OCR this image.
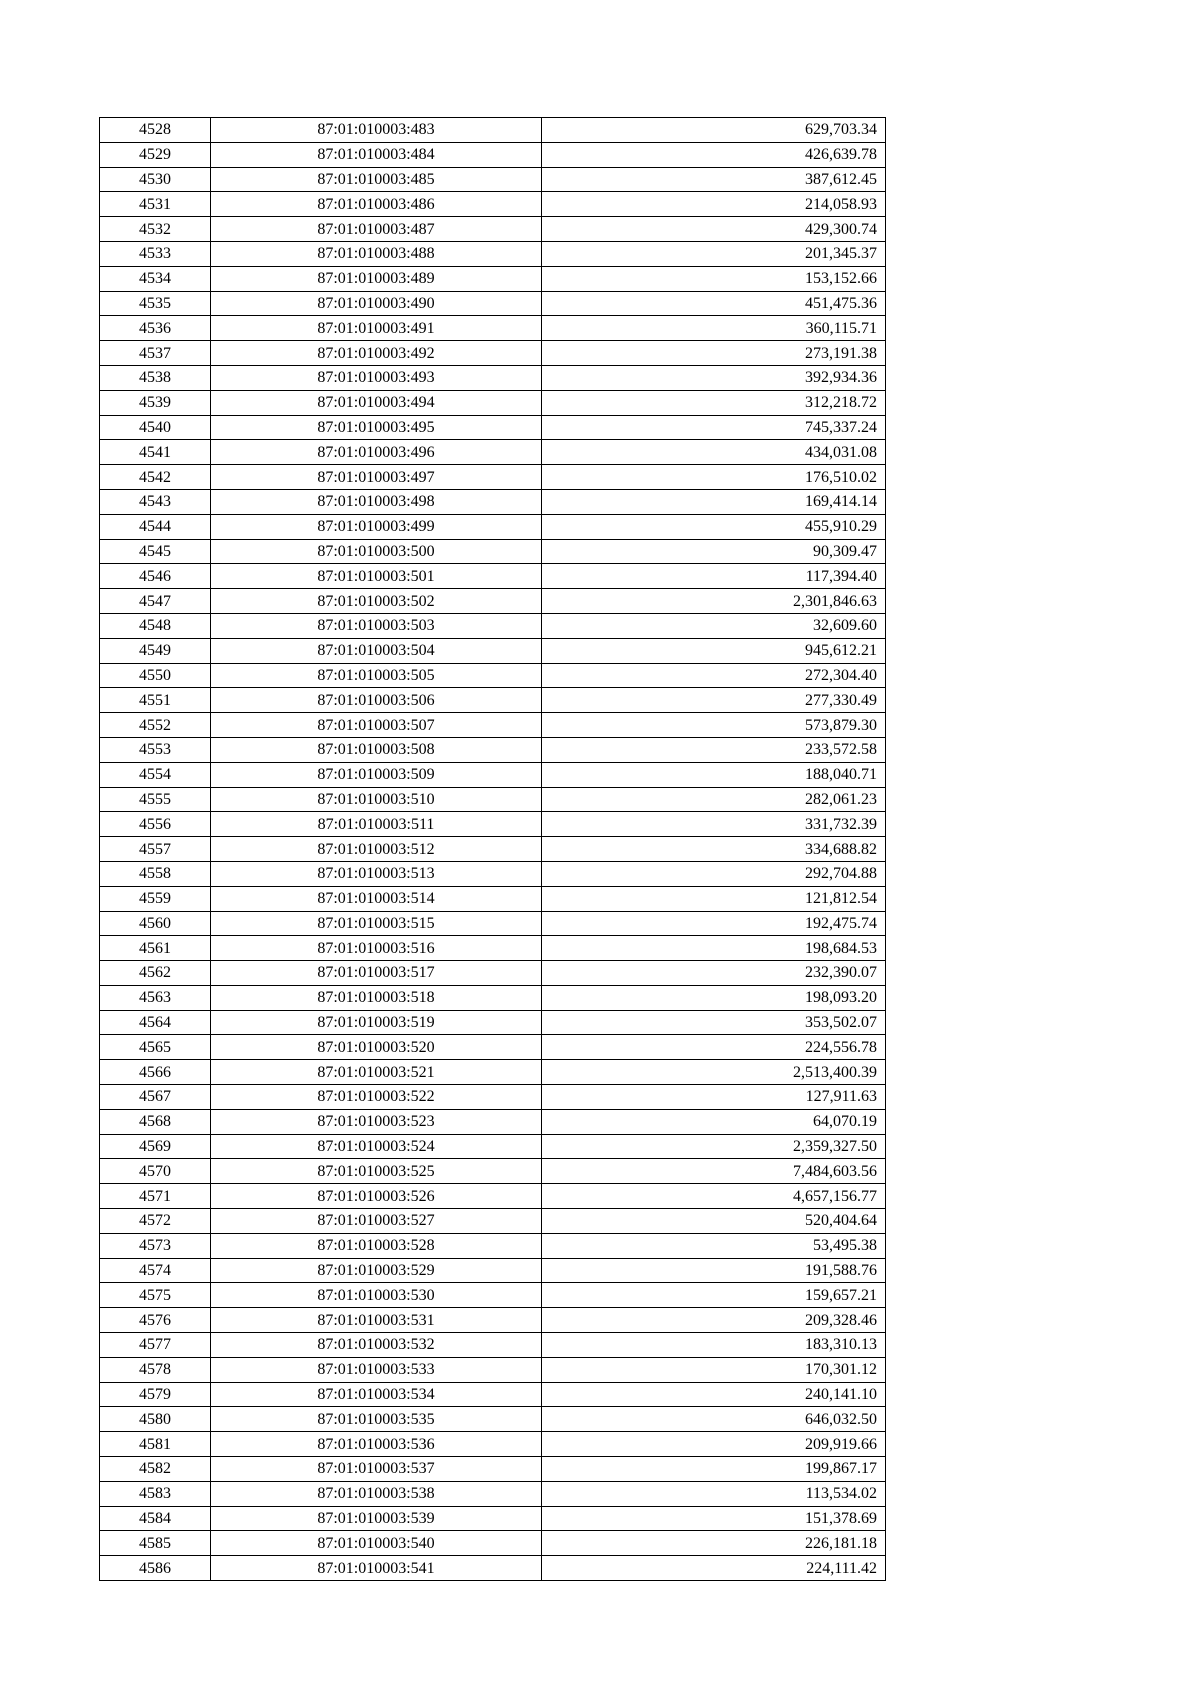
4528	87:01:010003:483	629,703.34
4529	87:01:010003:484	426,639.78
4530	87:01:010003:485	387,612.45
4531	87:01:010003:486	214,058.93
4532	87:01:010003:487	429,300.74
4533	87:01:010003:488	201,345.37
4534	87:01:010003:489	153,152.66
4535	87:01:010003:490	451,475.36
4536	87:01:010003:491	360,115.71
4537	87:01:010003:492	273,191.38
4538	87:01:010003:493	392,934.36
4539	87:01:010003:494	312,218.72
4540	87:01:010003:495	745,337.24
4541	87:01:010003:496	434,031.08
4542	87:01:010003:497	176,510.02
4543	87:01:010003:498	169,414.14
4544	87:01:010003:499	455,910.29
4545	87:01:010003:500	90,309.47
4546	87:01:010003:501	117,394.40
4547	87:01:010003:502	2,301,846.63
4548	87:01:010003:503	32,609.60
4549	87:01:010003:504	945,612.21
4550	87:01:010003:505	272,304.40
4551	87:01:010003:506	277,330.49
4552	87:01:010003:507	573,879.30
4553	87:01:010003:508	233,572.58
4554	87:01:010003:509	188,040.71
4555	87:01:010003:510	282,061.23
4556	87:01:010003:511	331,732.39
4557	87:01:010003:512	334,688.82
4558	87:01:010003:513	292,704.88
4559	87:01:010003:514	121,812.54
4560	87:01:010003:515	192,475.74
4561	87:01:010003:516	198,684.53
4562	87:01:010003:517	232,390.07
4563	87:01:010003:518	198,093.20
4564	87:01:010003:519	353,502.07
4565	87:01:010003:520	224,556.78
4566	87:01:010003:521	2,513,400.39
4567	87:01:010003:522	127,911.63
4568	87:01:010003:523	64,070.19
4569	87:01:010003:524	2,359,327.50
4570	87:01:010003:525	7,484,603.56
4571	87:01:010003:526	4,657,156.77
4572	87:01:010003:527	520,404.64
4573	87:01:010003:528	53,495.38
4574	87:01:010003:529	191,588.76
4575	87:01:010003:530	159,657.21
4576	87:01:010003:531	209,328.46
4577	87:01:010003:532	183,310.13
4578	87:01:010003:533	170,301.12
4579	87:01:010003:534	240,141.10
4580	87:01:010003:535	646,032.50
4581	87:01:010003:536	209,919.66
4582	87:01:010003:537	199,867.17
4583	87:01:010003:538	113,534.02
4584	87:01:010003:539	151,378.69
4585	87:01:010003:540	226,181.18
4586	87:01:010003:541	224,111.42
